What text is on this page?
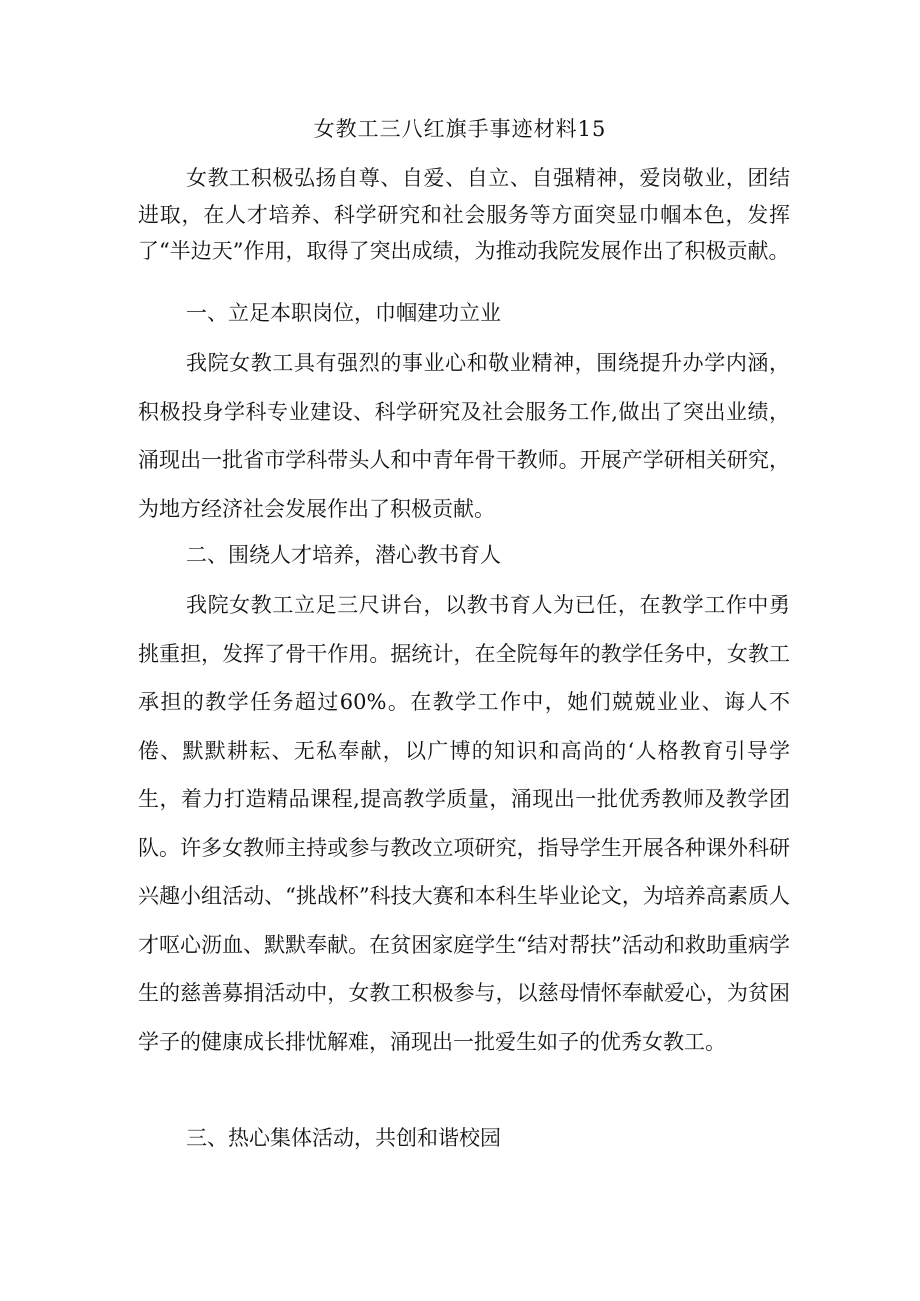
女教工三八红旗手事迹材料15

女教工积极弘扬自尊、自爱、自立、自强精神，爱岗敬业，团结进取，在人才培养、科学研究和社会服务等方面突显巾帼本色，发挥了“半边天”作用，取得了突出成绩，为推动我院发展作出了积极贡献。

一、立足本职岗位，巾帼建功立业

我院女教工具有强烈的事业心和敬业精神，围绕提升办学内涵，积极投身学科专业建设、科学研究及社会服务工作,做出了突出业绩，涌现出一批省市学科带头人和中青年骨干教师。开展产学研相关研究，为地方经济社会发展作出了积极贡献。

二、围绕人才培养，潜心教书育人

我院女教工立足三尺讲台，以教书育人为已任，在教学工作中勇挑重担，发挥了骨干作用。据统计，在全院每年的教学任务中，女教工承担的教学任务超过60%。在教学工作中，她们兢兢业业、诲人不倦、默默耕耘、无私奉献，以广博的知识和高尚的‘人格教育引导学生，着力打造精品课程,提高教学质量，涌现出一批优秀教师及教学团队。许多女教师主持或参与教改立项研究，指导学生开展各种课外科研兴趣小组活动、“挑战杯”科技大赛和本科生毕业论文，为培养高素质人才呕心沥血、默默奉献。在贫困家庭学生“结对帮扶”活动和救助重病学生的慈善募捐活动中，女教工积极参与，以慈母情怀奉献爱心，为贫困学子的健康成长排忧解难，涌现出一批爱生如子的优秀女教工。

三、热心集体活动，共创和谐校园
